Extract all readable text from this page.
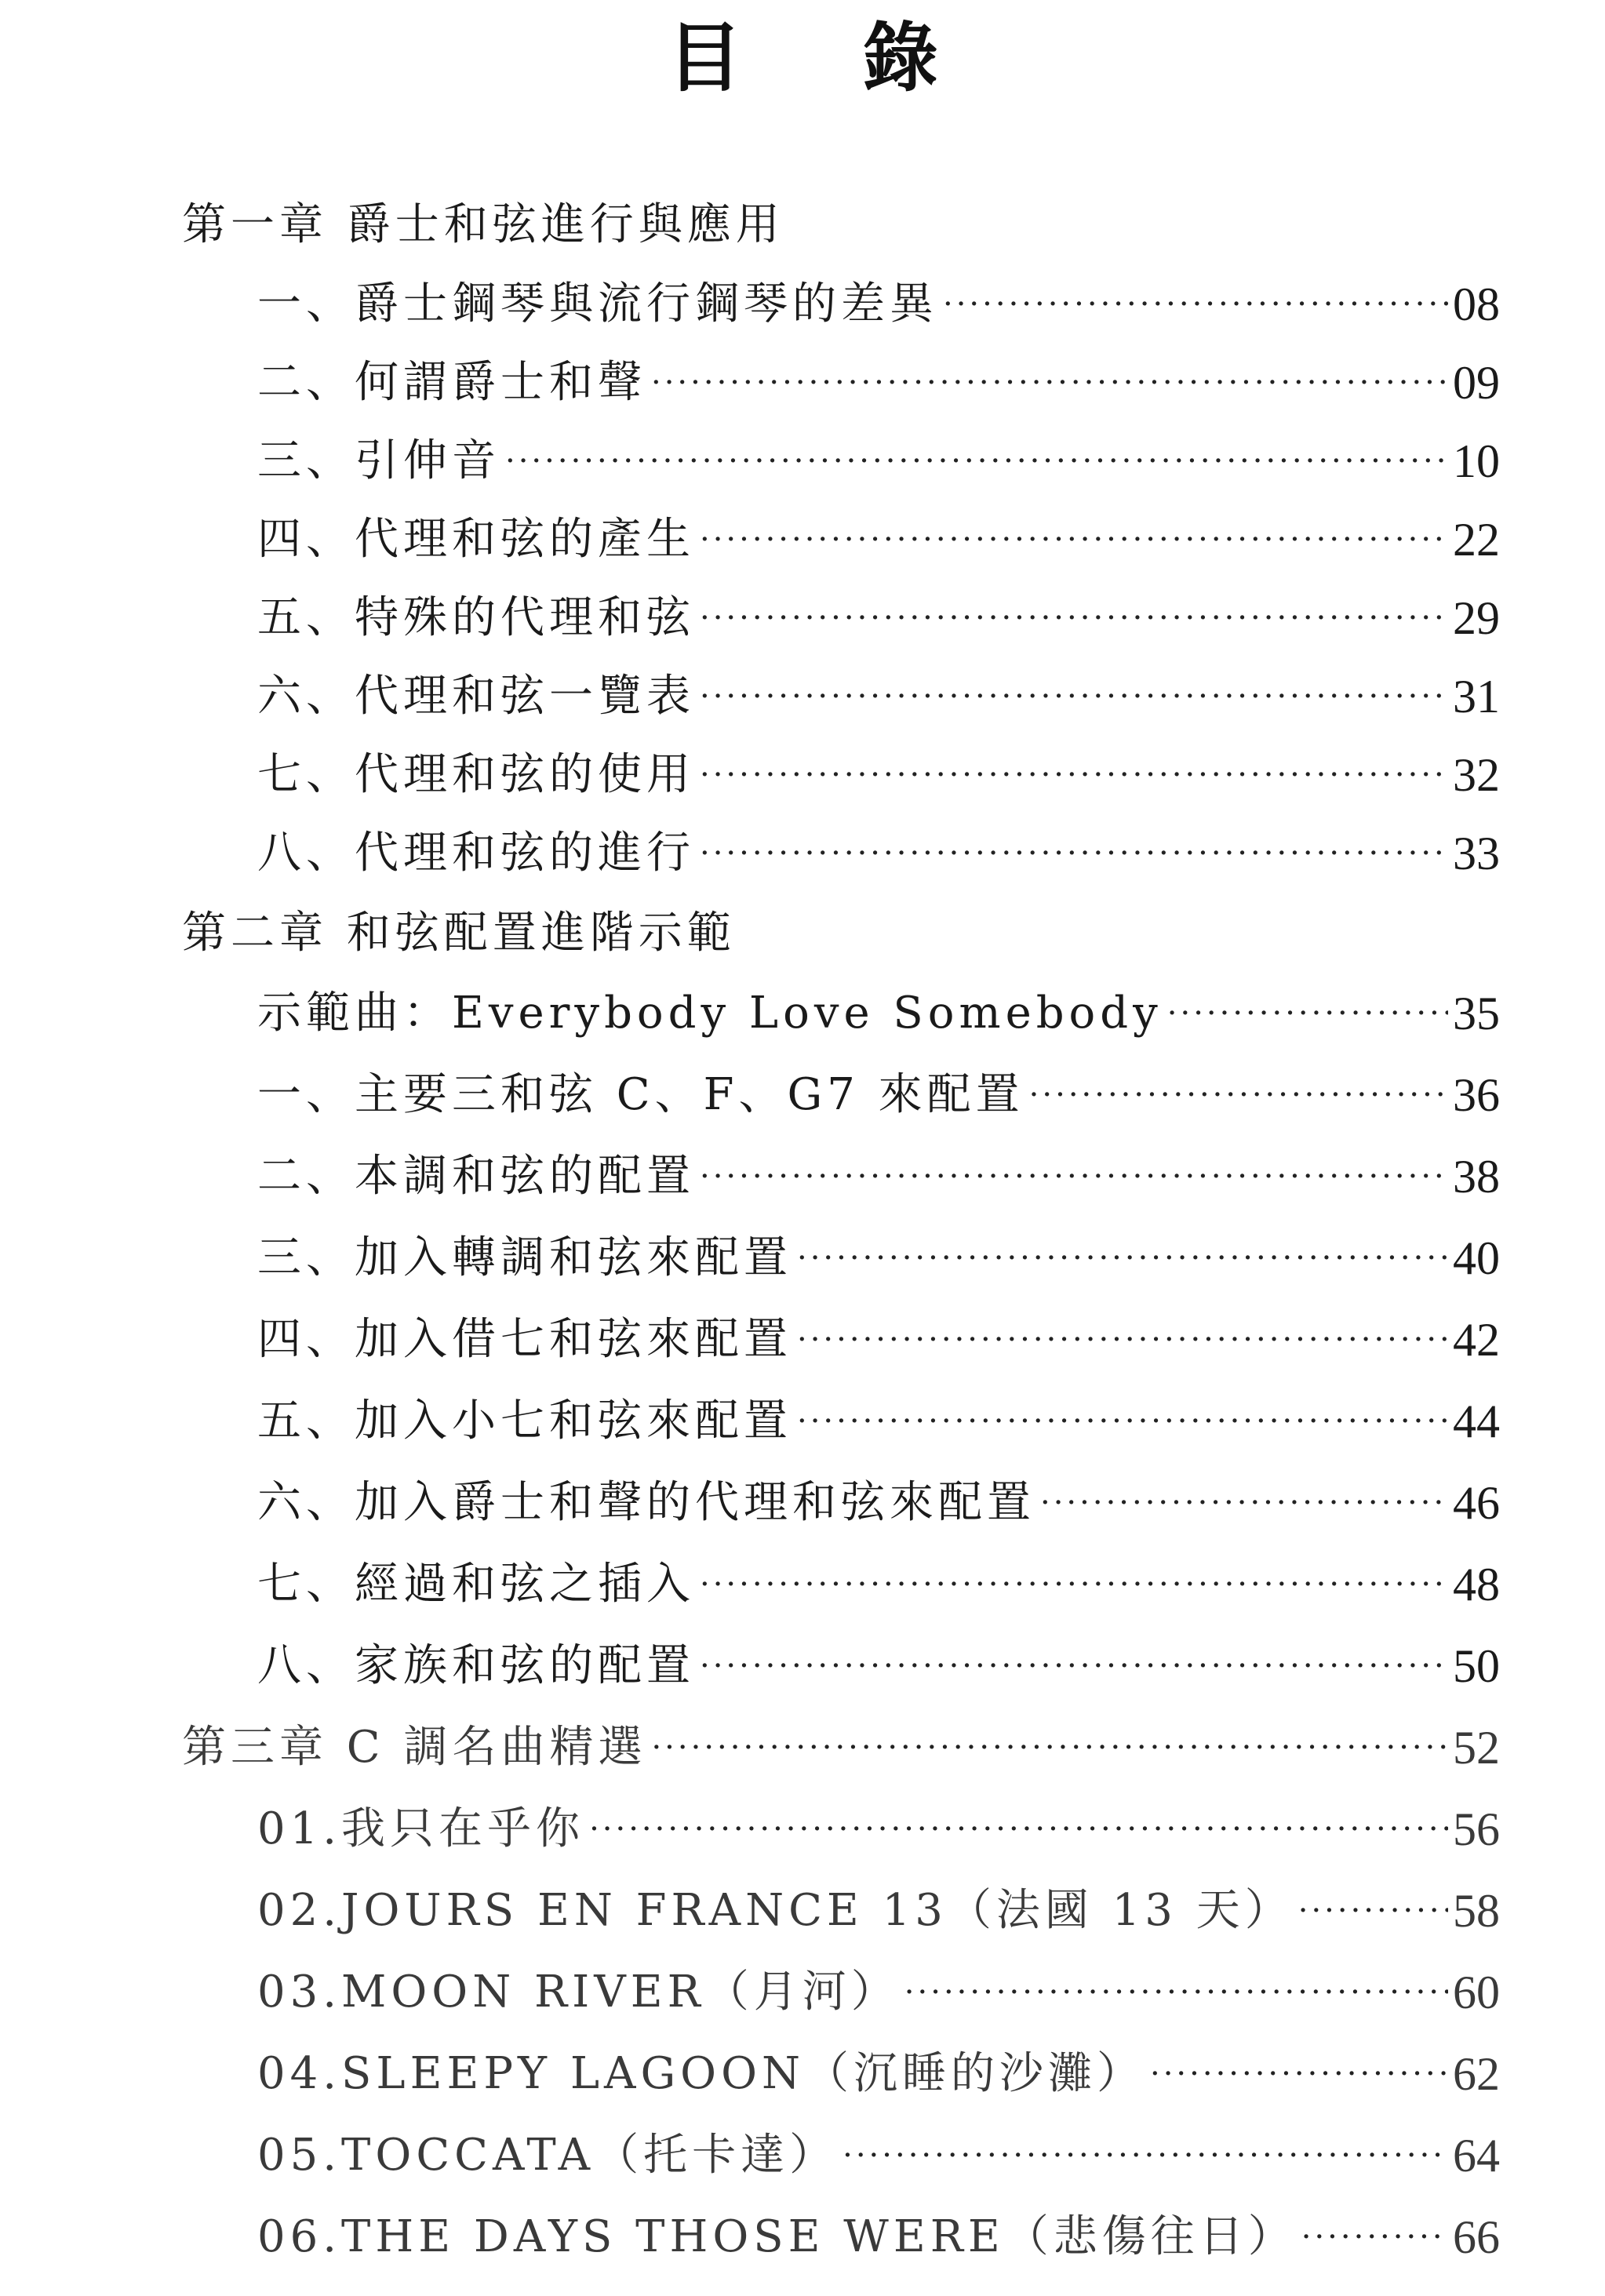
目 錄
第一章 爵士和弦進行與應用
一、爵士鋼琴與流行鋼琴的差異 ·····	08
二、何謂爵士和聲 ·····	09
三、引伸音 ·····	10
四、代理和弦的產生 ·····	22
五、特殊的代理和弦 ·····	29
六、代理和弦一覽表 ·····	31
七、代理和弦的使用 ·····	32
八、代理和弦的進行 ·····	33
第二章 和弦配置進階示範
示範曲：Everybody Love Somebody ·····	35
一、主要三和弦 C、F、G7 來配置 ·····	36
二、本調和弦的配置 ·····	38
三、加入轉調和弦來配置 ·····	40
四、加入借七和弦來配置 ·····	42
五、加入小七和弦來配置 ·····	44
六、加入爵士和聲的代理和弦來配置 ·····	46
七、經過和弦之插入 ·····	48
八、家族和弦的配置 ·····	50
第三章 C 調名曲精選 ·····	52
01.我只在乎你 ·····	56
02.JOURS EN FRANCE 13（法國 13 天） ·····	58
03.MOON RIVER（月河） ·····	60
04.SLEEPY LAGOON（沉睡的沙灘） ·····	62
05.TOCCATA（托卡達） ·····	64
06.THE DAYS THOSE WERE（悲傷往日） ·····	66
